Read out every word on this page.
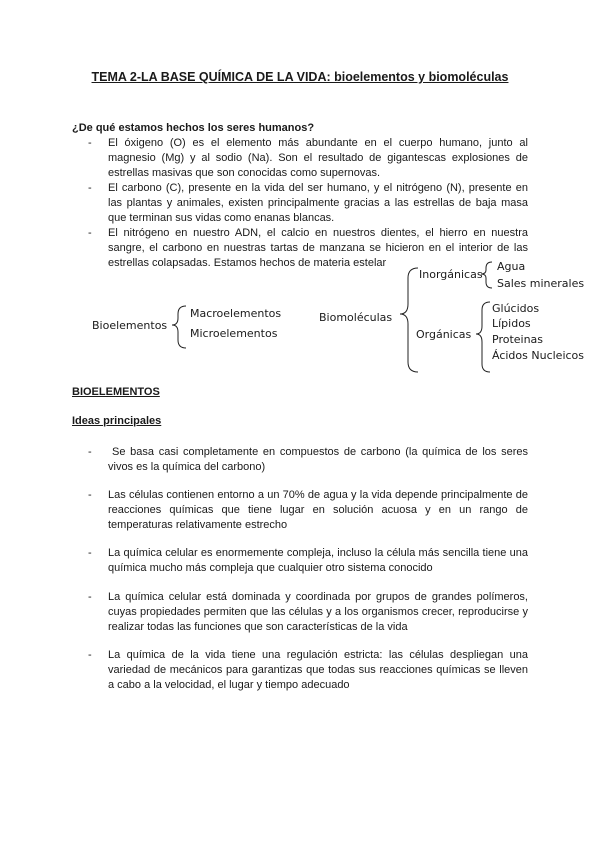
TEMA 2-LA BASE QUÍMICA DE LA VIDA: bioelementos y biomoléculas

¿De qué estamos hechos los seres humanos?

- El óxigeno (O) es el elemento más abundante en el cuerpo humano, junto al magnesio (Mg) y al sodio (Na). Son el resultado de gigantescas explosiones de estrellas masivas que son conocidas como supernovas.

- El carbono (C), presente en la vida del ser humano, y el nitrógeno (N), presente en las plantas y animales, existen principalmente gracias a las estrellas de baja masa que terminan sus vidas como enanas blancas.

- El nitrógeno en nuestro ADN, el calcio en nuestros dientes, el hierro en nuestra sangre, el carbono en nuestras tartas de manzana se hicieron en el interior de las estrellas colapsadas. Estamos hechos de materia estelar

Bioelementos
Macroelementos
Microelementos
Biomoléculas
Inorgánicas
Agua
Sales minerales
Orgánicas
Glúcidos
Lípidos
Proteinas
Ácidos Nucleicos

BIOELEMENTOS

Ideas principales

-	Se basa casi completamente en compuestos de carbono (la química de los seres vivos es la química del carbono)

- Las células contienen entorno a un 70% de agua y la vida depende principalmente de reacciones químicas que tiene lugar en solución acuosa y en un rango de temperaturas relativamente estrecho

- La química celular es enormemente compleja, incluso la célula más sencilla tiene una química mucho más compleja que cualquier otro sistema conocido

- La química celular está dominada y coordinada por grupos de grandes polímeros, cuyas propiedades permiten que las células y a los organismos crecer, reproducirse y realizar todas las funciones que son características de la vida

- La química de la vida tiene una regulación estricta: las células despliegan una variedad de mecánicos para garantizas que todas sus reacciones químicas se lleven a cabo a la velocidad, el lugar y tiempo adecuado
